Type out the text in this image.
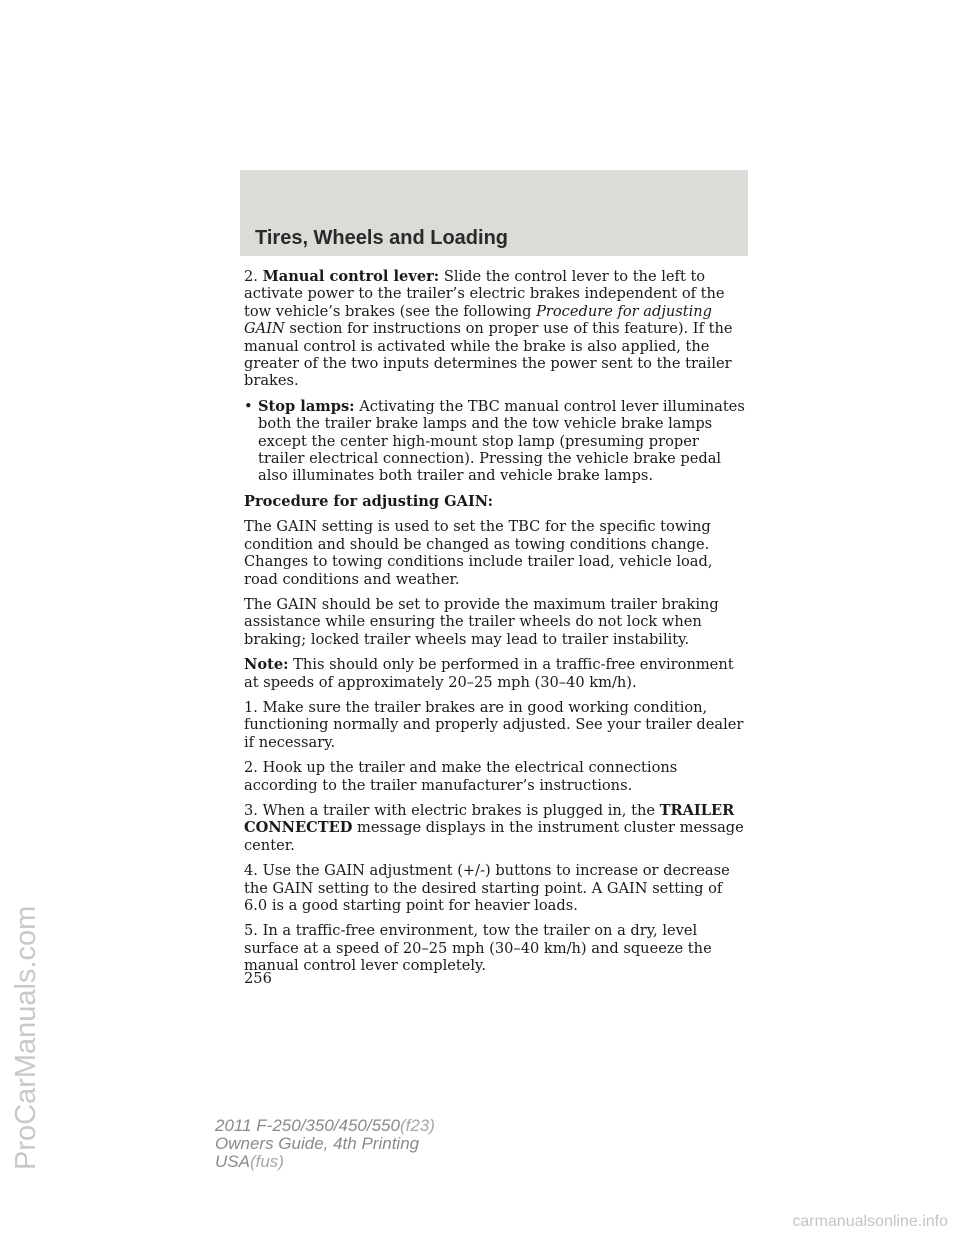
Tires, Wheels and Loading

2. Manual control lever: Slide the control lever to the left to activate power to the trailer’s electric brakes independent of the tow vehicle’s brakes (see the following Procedure for adjusting GAIN section for instructions on proper use of this feature). If the manual control is activated while the brake is also applied, the greater of the two inputs determines the power sent to the trailer brakes.

• Stop lamps: Activating the TBC manual control lever illuminates both the trailer brake lamps and the tow vehicle brake lamps except the center high-mount stop lamp (presuming proper trailer electrical connection). Pressing the vehicle brake pedal also illuminates both trailer and vehicle brake lamps.

Procedure for adjusting GAIN:

The GAIN setting is used to set the TBC for the specific towing condition and should be changed as towing conditions change. Changes to towing conditions include trailer load, vehicle load, road conditions and weather.

The GAIN should be set to provide the maximum trailer braking assistance while ensuring the trailer wheels do not lock when braking; locked trailer wheels may lead to trailer instability.

Note: This should only be performed in a traffic-free environment at speeds of approximately 20–25 mph (30–40 km/h).

1. Make sure the trailer brakes are in good working condition, functioning normally and properly adjusted. See your trailer dealer if necessary.

2. Hook up the trailer and make the electrical connections according to the trailer manufacturer’s instructions.

3. When a trailer with electric brakes is plugged in, the TRAILER CONNECTED message displays in the instrument cluster message center.

4. Use the GAIN adjustment (+/-) buttons to increase or decrease the GAIN setting to the desired starting point. A GAIN setting of 6.0 is a good starting point for heavier loads.

5. In a traffic-free environment, tow the trailer on a dry, level surface at a speed of 20–25 mph (30–40 km/h) and squeeze the manual control lever completely.

256
2011 F-250/350/450/550(f23)
Owners Guide, 4th Printing
USA(fus)
ProCarManuals.com
carmanualsonline.info
